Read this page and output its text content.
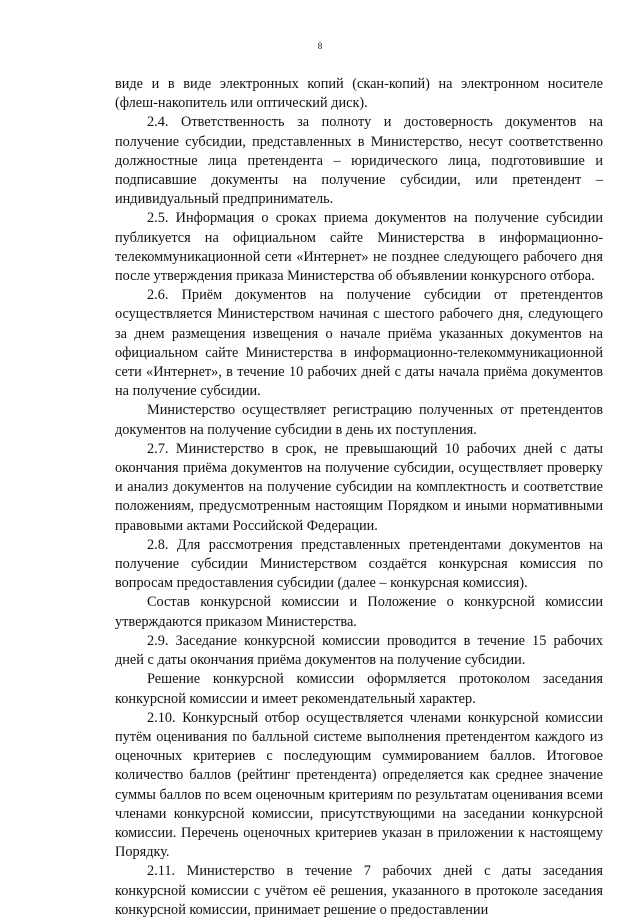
8

виде и в виде электронных копий (скан-копий) на электронном носителе (флеш-накопитель или оптический диск).

2.4. Ответственность за полноту и достоверность документов на получение субсидии, представленных в Министерство, несут соответственно должностные лица претендента – юридического лица, подготовившие и подписавшие документы на получение субсидии, или претендент – индивидуальный предприниматель.

2.5. Информация о сроках приема документов на получение субсидии публикуется на официальном сайте Министерства в информационно-телекоммуникационной сети «Интернет» не позднее следующего рабочего дня после утверждения приказа Министерства об объявлении конкурсного отбора.

2.6. Приём документов на получение субсидии от претендентов осуществляется Министерством начиная с шестого рабочего дня, следующего за днем размещения извещения о начале приёма указанных документов на официальном сайте Министерства в информационно-телекоммуникационной сети «Интернет», в течение 10 рабочих дней с даты начала приёма документов на получение субсидии.

Министерство осуществляет регистрацию полученных от претендентов документов на получение субсидии в день их поступления.

2.7. Министерство в срок, не превышающий 10 рабочих дней с даты окончания приёма документов на получение субсидии, осуществляет проверку и анализ документов на получение субсидии на комплектность и соответствие положениям, предусмотренным настоящим Порядком и иными нормативными правовыми актами Российской Федерации.

2.8. Для рассмотрения представленных претендентами документов на получение субсидии Министерством создаётся конкурсная комиссия по вопросам предоставления субсидии (далее – конкурсная комиссия).

Состав конкурсной комиссии и Положение о конкурсной комиссии утверждаются приказом Министерства.

2.9. Заседание конкурсной комиссии проводится в течение 15 рабочих дней с даты окончания приёма документов на получение субсидии.

Решение конкурсной комиссии оформляется протоколом заседания конкурсной комиссии и имеет рекомендательный характер.

2.10. Конкурсный отбор осуществляется членами конкурсной комиссии путём оценивания по балльной системе выполнения претендентом каждого из оценочных критериев с последующим суммированием баллов. Итоговое количество баллов (рейтинг претендента) определяется как среднее значение суммы баллов по всем оценочным критериям по результатам оценивания всеми членами конкурсной комиссии, присутствующими на заседании конкурсной комиссии. Перечень оценочных критериев указан в приложении к настоящему Порядку.

2.11. Министерство в течение 7 рабочих дней с даты заседания конкурсной комиссии с учётом её решения, указанного в протоколе заседания конкурсной комиссии, принимает решение о предоставлении
